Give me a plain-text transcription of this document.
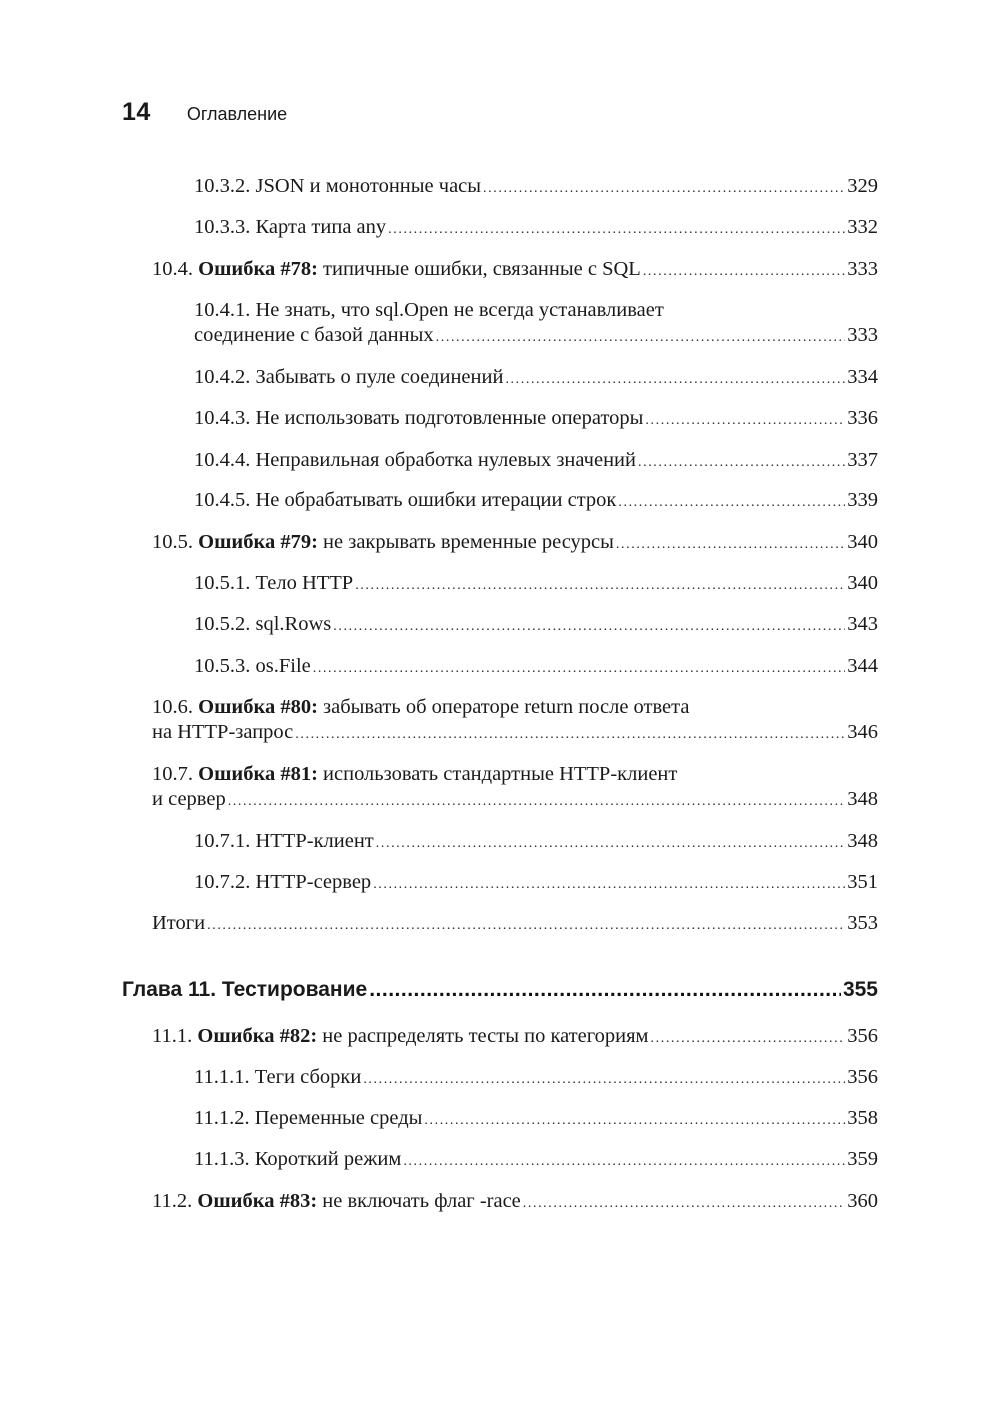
14 Оглавление
10.3.2. JSON и монотонные часы .....	329
10.3.3. Карта типа any .....	332
10.4. Ошибка #78: типичные ошибки, связанные с SQL .....	333
10.4.1. Не знать, что sql.Open не всегда устанавливает
соединение с базой данных .....	333
10.4.2. Забывать о пуле соединений .....	334
10.4.3. Не использовать подготовленные операторы .....	336
10.4.4. Неправильная обработка нулевых значений .....	337
10.4.5. Не обрабатывать ошибки итерации строк .....	339
10.5. Ошибка #79: не закрывать временные ресурсы .....	340
10.5.1. Тело HTTP .....	340
10.5.2. sql.Rows .....	343
10.5.3. os.File .....	344
10.6. Ошибка #80: забывать об операторе return после ответа
на HTTP-запрос .....	346
10.7. Ошибка #81: использовать стандартные HTTP-клиент
и сервер .....	348
10.7.1. HTTP-клиент .....	348
10.7.2. HTTP-сервер .....	351
Итоги .....	353
Глава 11. Тестирование .....	355
11.1. Ошибка #82: не распределять тесты по категориям .....	356
11.1.1. Теги сборки .....	356
11.1.2. Переменные среды .....	358
11.1.3. Короткий режим .....	359
11.2. Ошибка #83: не включать флаг -race .....	360
